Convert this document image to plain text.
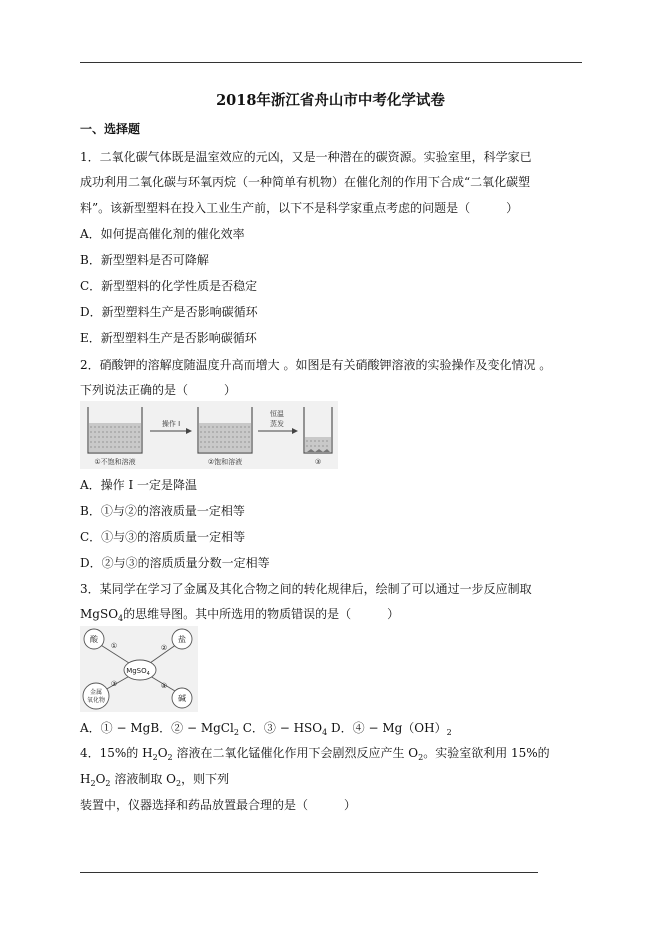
2018年浙江省舟山市中考化学试卷
一、选择题
1．二氧化碳气体既是温室效应的元凶，又是一种潜在的碳资源。实验室里，科学家已
成功利用二氧化碳与环氧丙烷（一种简单有机物）在催化剂的作用下合成“二氧化碳塑
料”。该新型塑料在投入工业生产前，以下不是科学家重点考虑的问题是（　　　）
A．如何提高催化剂的催化效率
B．新型塑料是否可降解
C．新型塑料的化学性质是否稳定
D．新型塑料生产是否影响碳循环
E．新型塑料生产是否影响碳循环
2．硝酸钾的溶解度随温度升高而增大 。如图是有关硝酸钾溶液的实验操作及变化情况 。
下列说法正确的是（　　　）
操作 I
恒温
蒸发
①不饱和溶液	②饱和溶液	③
A．操作 I 一定是降温
B．①与②的溶液质量一定相等
C．①与③的溶质质量一定相等
D．②与③的溶质质量分数一定相等
3．某同学在学习了金属及其化合物之间的转化规律后，绘制了可以通过一步反应制取
MgSO$_4$的思维导图。其中所选用的物质错误的是（　　　）
MgSO$_4$
酸	盐
金属
氧化物	碱
①	②
③	④
A．① − MgB．② − MgCl$_2$ C．③ − $HSO_4$ D．④ − $Mg(OH)_2$
4．15%的 $H_2O_2$ 溶液在二氧化锰催化作用下会剧烈反应产生 $O_2$。实验室欲利用 15%的
$H_2O_2$ 溶液制取 $O_2$，则下列
装置中，仪器选择和药品放置最合理的是（　　　）
